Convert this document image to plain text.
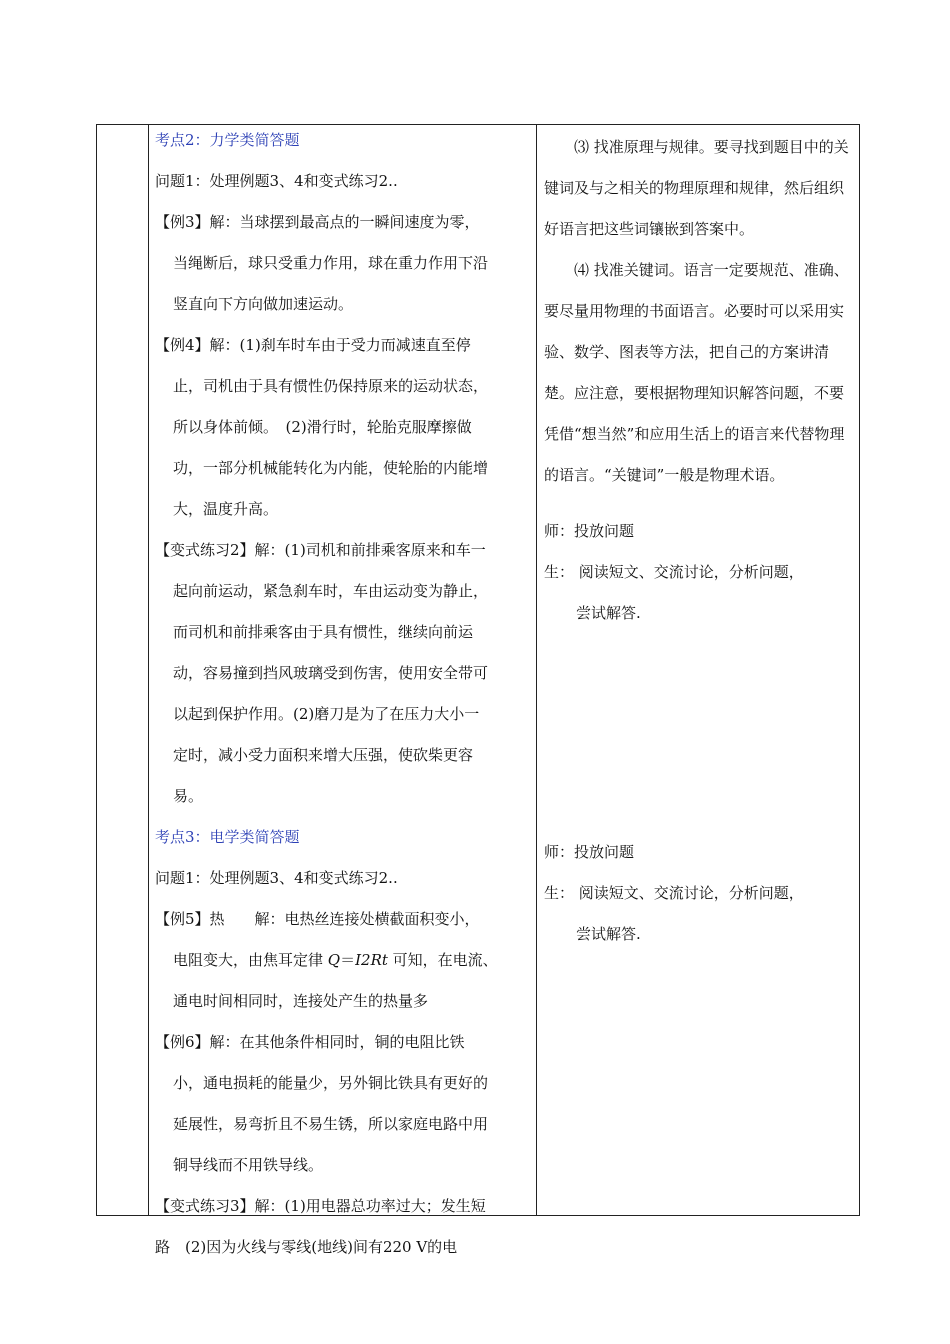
考点2：力学类简答题
问题1：处理例题3、4和变式练习2..
【例3】解：当球摆到最高点的一瞬间速度为零，
当绳断后，球只受重力作用，球在重力作用下沿
竖直向下方向做加速运动。
【例4】解：(1)刹车时车由于受力而减速直至停
止，司机由于具有惯性仍保持原来的运动状态，
所以身体前倾。　(2)滑行时，轮胎克服摩擦做
功，一部分机械能转化为内能，使轮胎的内能增
大，温度升高。
【变式练习2】解：(1)司机和前排乘客原来和车一
起向前运动，紧急刹车时，车由运动变为静止，
而司机和前排乘客由于具有惯性，继续向前运
动，容易撞到挡风玻璃受到伤害，使用安全带可
以起到保护作用。(2)磨刀是为了在压力大小一
定时，减小受力面积来增大压强，使砍柴更容
易。
考点3：电学类简答题
问题1：处理例题3、4和变式练习2..
【例5】热　　解：电热丝连接处横截面积变小，
电阻变大，由焦耳定律 Q＝I2Rt 可知，在电流、
通电时间相同时，连接处产生的热量多
【例6】解：在其他条件相同时，铜的电阻比铁
小，通电损耗的能量少，另外铜比铁具有更好的
延展性，易弯折且不易生锈，所以家庭电路中用
铜导线而不用铁导线。
【变式练习3】解：(1)用电器总功率过大；发生短
路　(2)因为火线与零线(地线)间有220 V的电
⑶ 找准原理与规律。要寻找到题目中的关键词及与之相关的物理原理和规律，然后组织好语言把这些词镶嵌到答案中。
⑷ 找准关键词。语言一定要规范、准确、要尽量用物理的书面语言。必要时可以采用实验、数学、图表等方法，把自己的方案讲清楚。应注意，要根据物理知识解答问题，不要凭借“想当然”和应用生活上的语言来代替物理的语言。“关键词”一般是物理术语。
师：投放问题
生： 阅读短文、交流讨论，分析问题，
尝试解答.
师：投放问题
生： 阅读短文、交流讨论，分析问题，
尝试解答.
